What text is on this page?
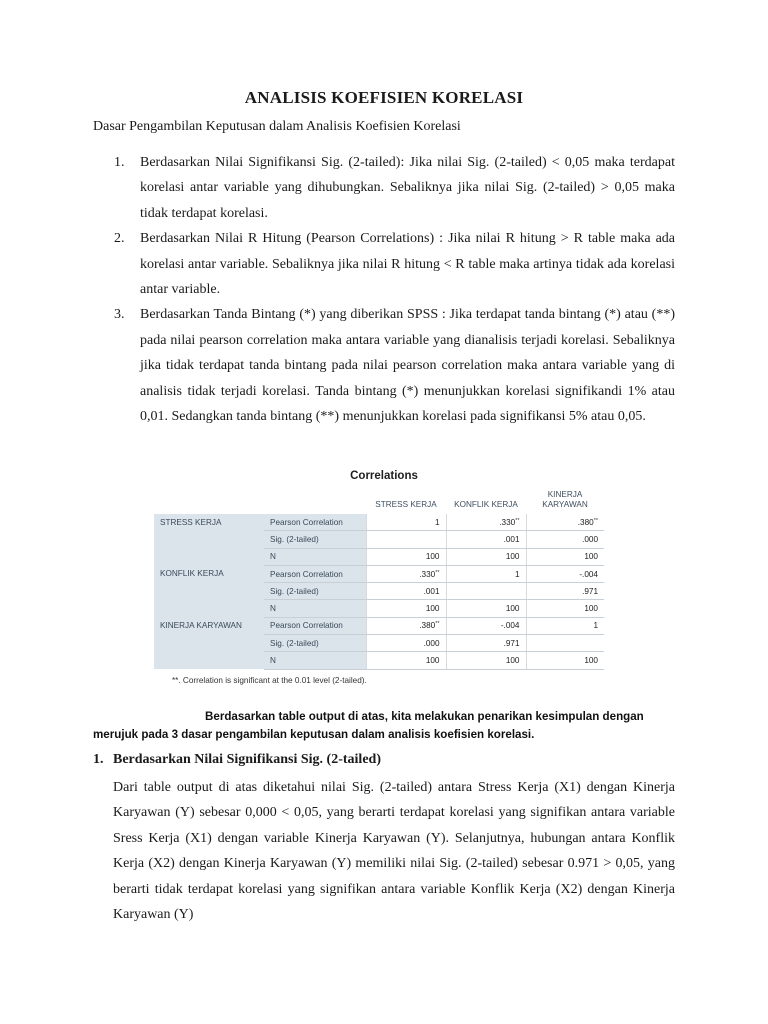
ANALISIS KOEFISIEN KORELASI
Dasar Pengambilan Keputusan dalam Analisis Koefisien Korelasi
1. Berdasarkan Nilai Signifikansi Sig. (2-tailed): Jika nilai Sig. (2-tailed) < 0,05 maka terdapat korelasi antar variable yang dihubungkan. Sebaliknya jika nilai Sig. (2-tailed) > 0,05 maka tidak terdapat korelasi.
2. Berdasarkan Nilai R Hitung (Pearson Correlations) : Jika nilai R hitung > R table maka ada korelasi antar variable. Sebaliknya jika nilai R hitung < R table maka artinya tidak ada korelasi antar variable.
3. Berdasarkan Tanda Bintang (*) yang diberikan SPSS : Jika terdapat tanda bintang (*) atau (**) pada nilai pearson correlation maka antara variable yang dianalisis terjadi korelasi. Sebaliknya jika tidak terdapat tanda bintang pada nilai pearson correlation maka antara variable yang di analisis tidak terjadi korelasi. Tanda bintang (*) menunjukkan korelasi signifikandi 1% atau 0,01. Sedangkan tanda bintang (**) menunjukkan korelasi pada signifikansi 5% atau 0,05.
Correlations
		STRESS KERJA	KONFLIK KERJA	KINERJA KARYAWAN
STRESS KERJA	Pearson Correlation	1	.330**	.380**
	Sig. (2-tailed)		.001	.000
	N	100	100	100
KONFLIK KERJA	Pearson Correlation	.330**	1	-.004
	Sig. (2-tailed)	.001		.971
	N	100	100	100
KINERJA KARYAWAN	Pearson Correlation	.380**	-.004	1
	Sig. (2-tailed)	.000	.971	
	N	100	100	100
**. Correlation is significant at the 0.01 level (2-tailed).
Berdasarkan table output di atas, kita melakukan penarikan kesimpulan dengan merujuk pada 3 dasar pengambilan keputusan dalam analisis koefisien korelasi.
1. Berdasarkan Nilai Signifikansi Sig. (2-tailed)

Dari table output di atas diketahui nilai Sig. (2-tailed) antara Stress Kerja (X1) dengan Kinerja Karyawan (Y) sebesar 0,000 < 0,05, yang berarti terdapat korelasi yang signifikan antara variable Sress Kerja (X1) dengan variable Kinerja Karyawan (Y). Selanjutnya, hubungan antara Konflik Kerja (X2) dengan Kinerja Karyawan (Y) memiliki nilai Sig. (2-tailed) sebesar 0.971 > 0,05, yang berarti tidak terdapat korelasi yang signifikan antara variable Konflik Kerja (X2) dengan Kinerja Karyawan (Y)
